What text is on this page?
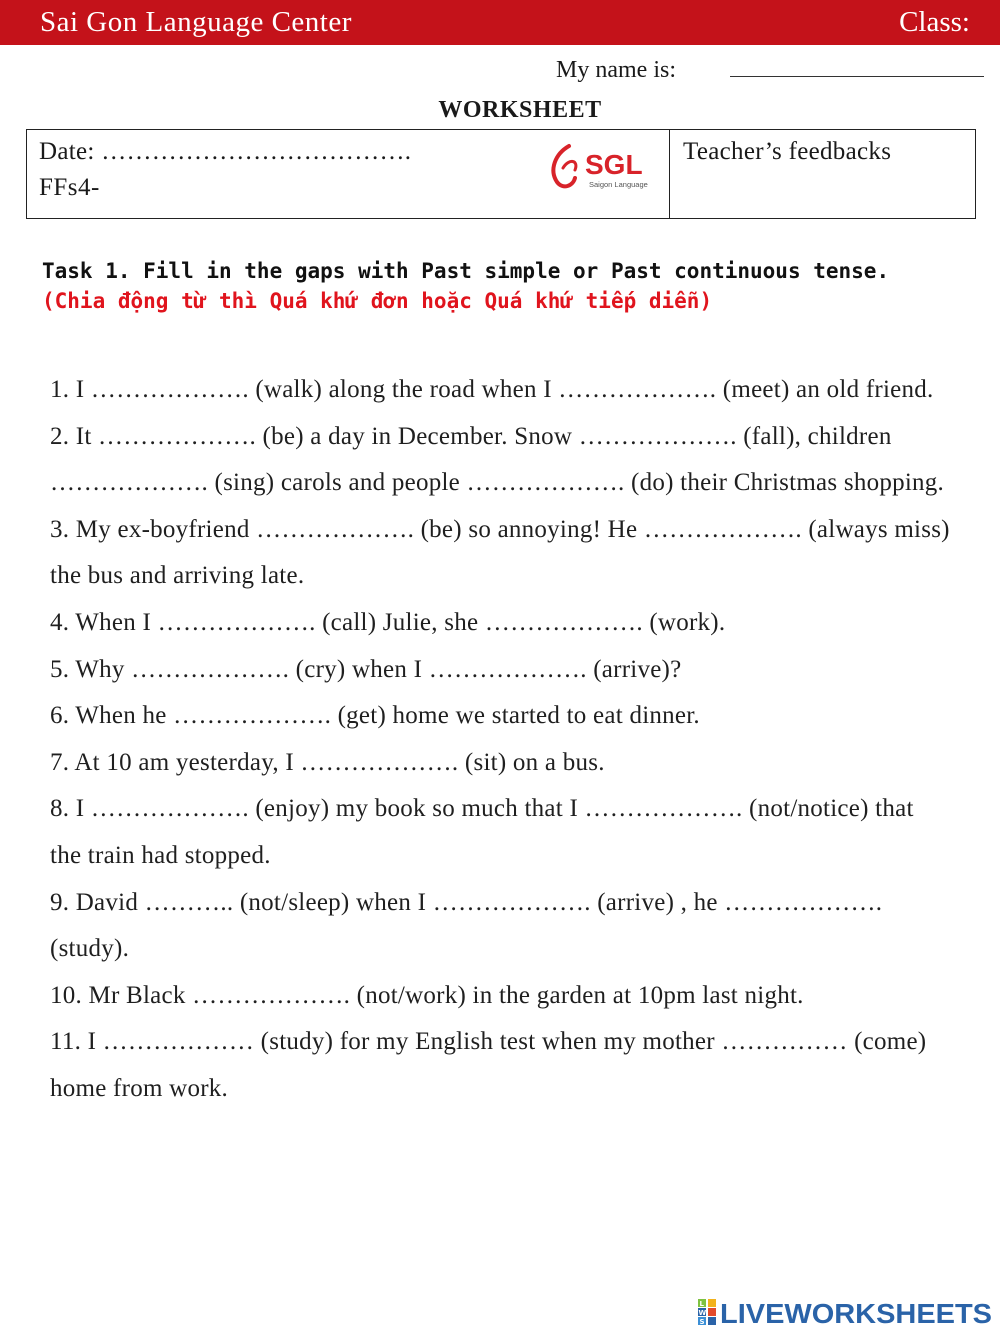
Sai Gon Language Center	Class:
My name is:
WORKSHEET
Date: ……………………………….
FFs4-
SGL
Saigon Language
Teacher’s feedbacks
Task 1. Fill in the gaps with Past simple or Past continuous tense. (Chia động từ thì Quá khứ đơn hoặc Quá khứ tiếp diễn)

1. I ………………. (walk) along the road when I ………………. (meet) an old friend.

2. It ………………. (be) a day in December. Snow ………………. (fall), children ………………. (sing) carols and people ………………. (do) their Christmas shopping.

3. My ex-boyfriend ………………. (be) so annoying! He ………………. (always miss) the bus and arriving late.

4. When I ………………. (call) Julie, she ………………. (work).

5. Why ………………. (cry) when I ………………. (arrive)?

6. When he ………………. (get) home we started to eat dinner.

7. At 10 am yesterday, I ………………. (sit) on a bus.

8. I ………………. (enjoy) my book so much that I ………………. (not/notice) that the train had stopped.

9. David ……….. (not/sleep) when I ………………. (arrive) , he ………………. (study).

10. Mr Black ………………. (not/work) in the garden at 10pm last night.

11. I ……………… (study) for my English test when my mother …………… (come) home from work.

L
W
S LIVEWORKSHEETS
